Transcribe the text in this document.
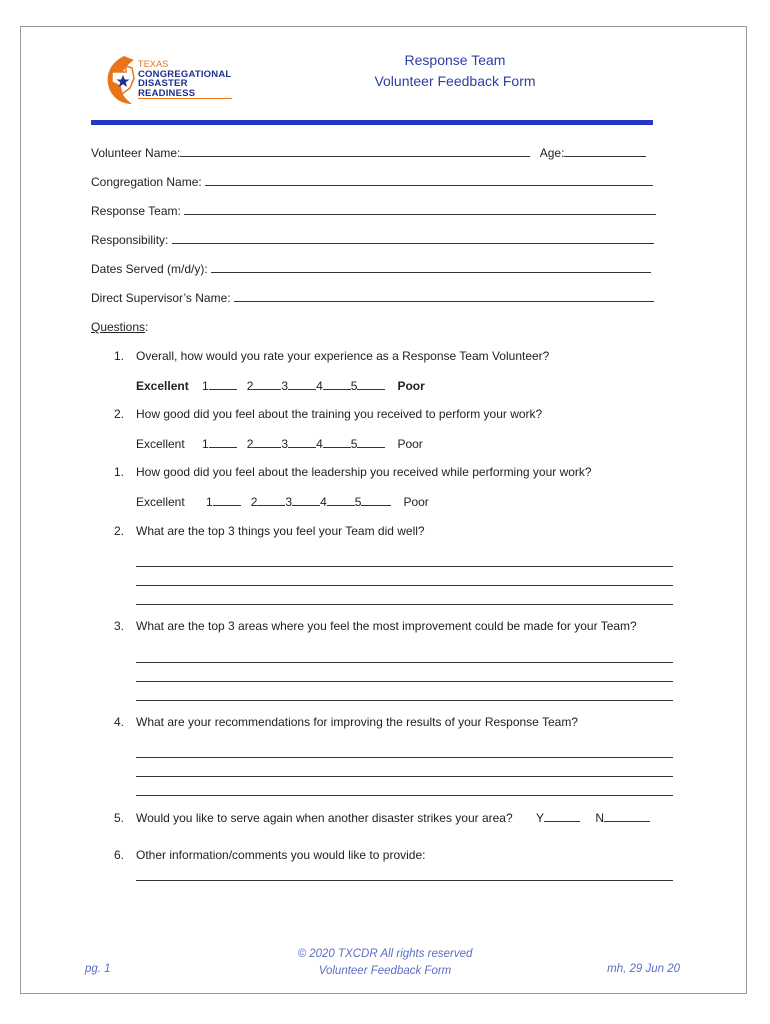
TEXAS
CONGREGATIONAL
DISASTER
READINESS
Response Team
Volunteer Feedback Form
Volunteer Name:	Age:
Congregation Name:
Response Team:
Responsibility:
Dates Served (m/d/y):
Direct Supervisor’s Name:
Questions:
1. Overall, how would you rate your experience as a Response Team Volunteer?
Excellent 1	2 3 4 5	Poor
2. How good did you feel about the training you received to perform your work?
Excellent 1	2 3 4 5	Poor
1. How good did you feel about the leadership you received while performing your work?
Excellent 1	2 3 4 5	Poor
2. What are the top 3 things you feel your Team did well?
3. What are the top 3 areas where you feel the most improvement could be made for your Team?
4. What are your recommendations for improving the results of your Response Team?
5. Would you like to serve again when another disaster strikes your area? Y	N
6. Other information/comments you would like to provide:
pg. 1
© 2020 TXCDR All rights reserved
Volunteer Feedback Form	mh, 29 Jun 20
